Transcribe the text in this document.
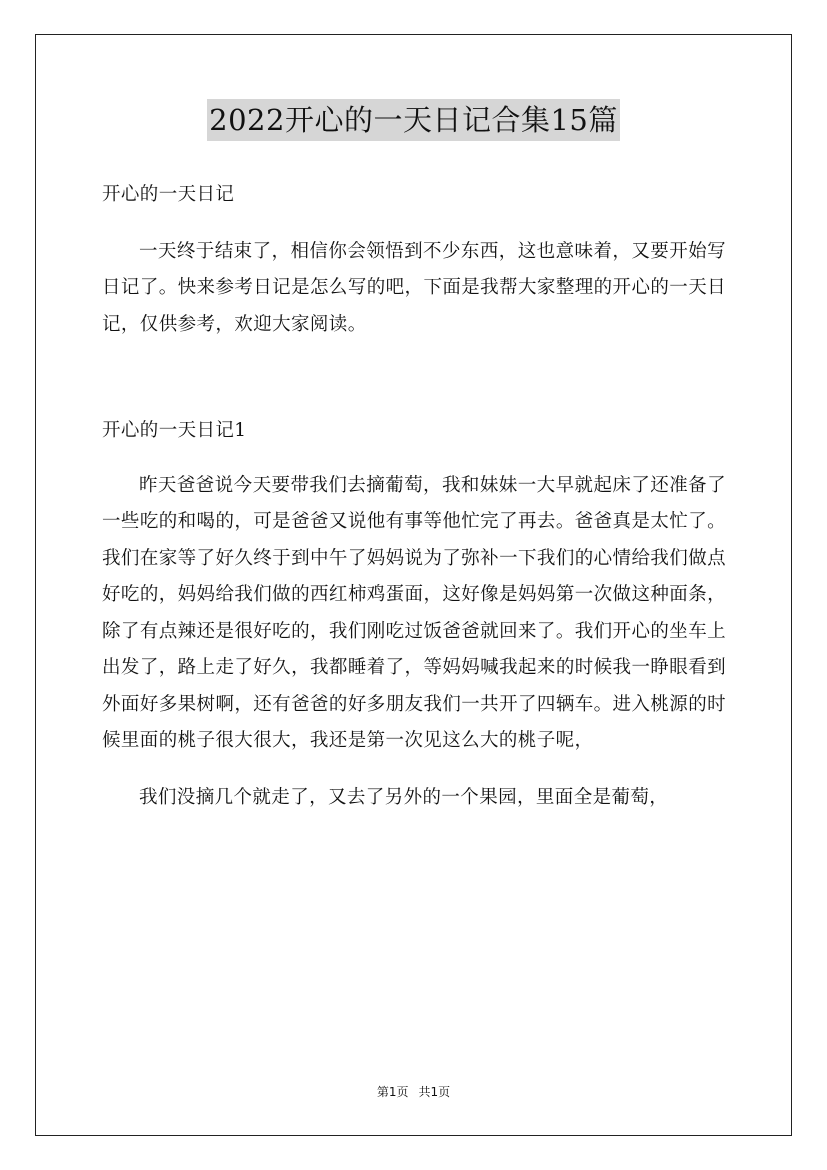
2022开心的一天日记合集15篇

开心的一天日记

一天终于结束了，相信你会领悟到不少东西，这也意味着，又要开始写日记了。快来参考日记是怎么写的吧，下面是我帮大家整理的开心的一天日记，仅供参考，欢迎大家阅读。

开心的一天日记1

昨天爸爸说今天要带我们去摘葡萄，我和妹妹一大早就起床了还准备了一些吃的和喝的，可是爸爸又说他有事等他忙完了再去。爸爸真是太忙了。我们在家等了好久终于到中午了妈妈说为了弥补一下我们的心情给我们做点好吃的，妈妈给我们做的西红柿鸡蛋面，这好像是妈妈第一次做这种面条，除了有点辣还是很好吃的，我们刚吃过饭爸爸就回来了。我们开心的坐车上出发了，路上走了好久，我都睡着了，等妈妈喊我起来的时候我一睁眼看到外面好多果树啊，还有爸爸的好多朋友我们一共开了四辆车。进入桃源的时候里面的桃子很大很大，我还是第一次见这么大的桃子呢，

我们没摘几个就走了，又去了另外的一个果园，里面全是葡萄，

第1页 共1页
